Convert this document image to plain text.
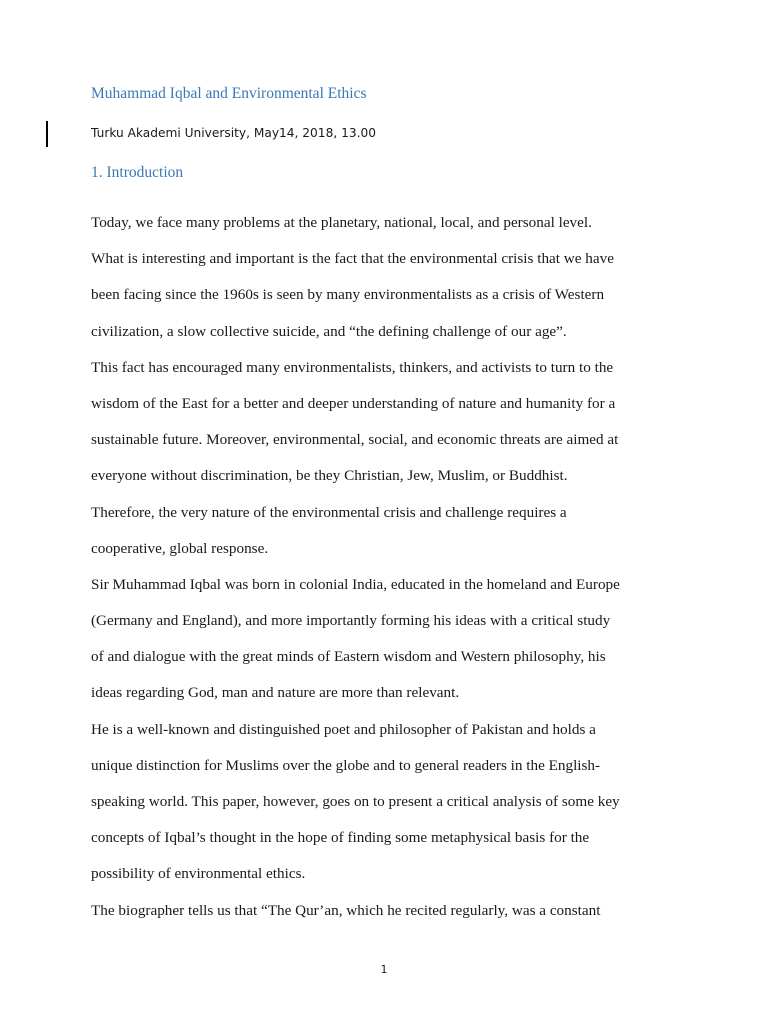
Muhammad Iqbal and Environmental Ethics
Turku Akademi University, May14, 2018, 13.00
1. Introduction
Today, we face many problems at the planetary, national, local, and personal level.
What is interesting and important is the fact that the environmental crisis that we have
been facing since the 1960s is seen by many environmentalists as a crisis of Western
civilization, a slow collective suicide, and “the defining challenge of our age”.
This fact has encouraged many environmentalists, thinkers, and activists to turn to the
wisdom of the East for a better and deeper understanding of nature and humanity for a
sustainable future. Moreover, environmental, social, and economic threats are aimed at
everyone without discrimination, be they Christian, Jew, Muslim, or Buddhist.
Therefore, the very nature of the environmental crisis and challenge requires a
cooperative, global response.
Sir Muhammad Iqbal was born in colonial India, educated in the homeland and Europe
(Germany and England), and more importantly forming his ideas with a critical study
of and dialogue with the great minds of Eastern wisdom and Western philosophy, his
ideas regarding God, man and nature are more than relevant.
He is a well-known and distinguished poet and philosopher of Pakistan and holds a
unique distinction for Muslims over the globe and to general readers in the English-
speaking world. This paper, however, goes on to present a critical analysis of some key
concepts of Iqbal’s thought in the hope of finding some metaphysical basis for the
possibility of environmental ethics.
The biographer tells us that “The Qur’an, which he recited regularly, was a constant
1
